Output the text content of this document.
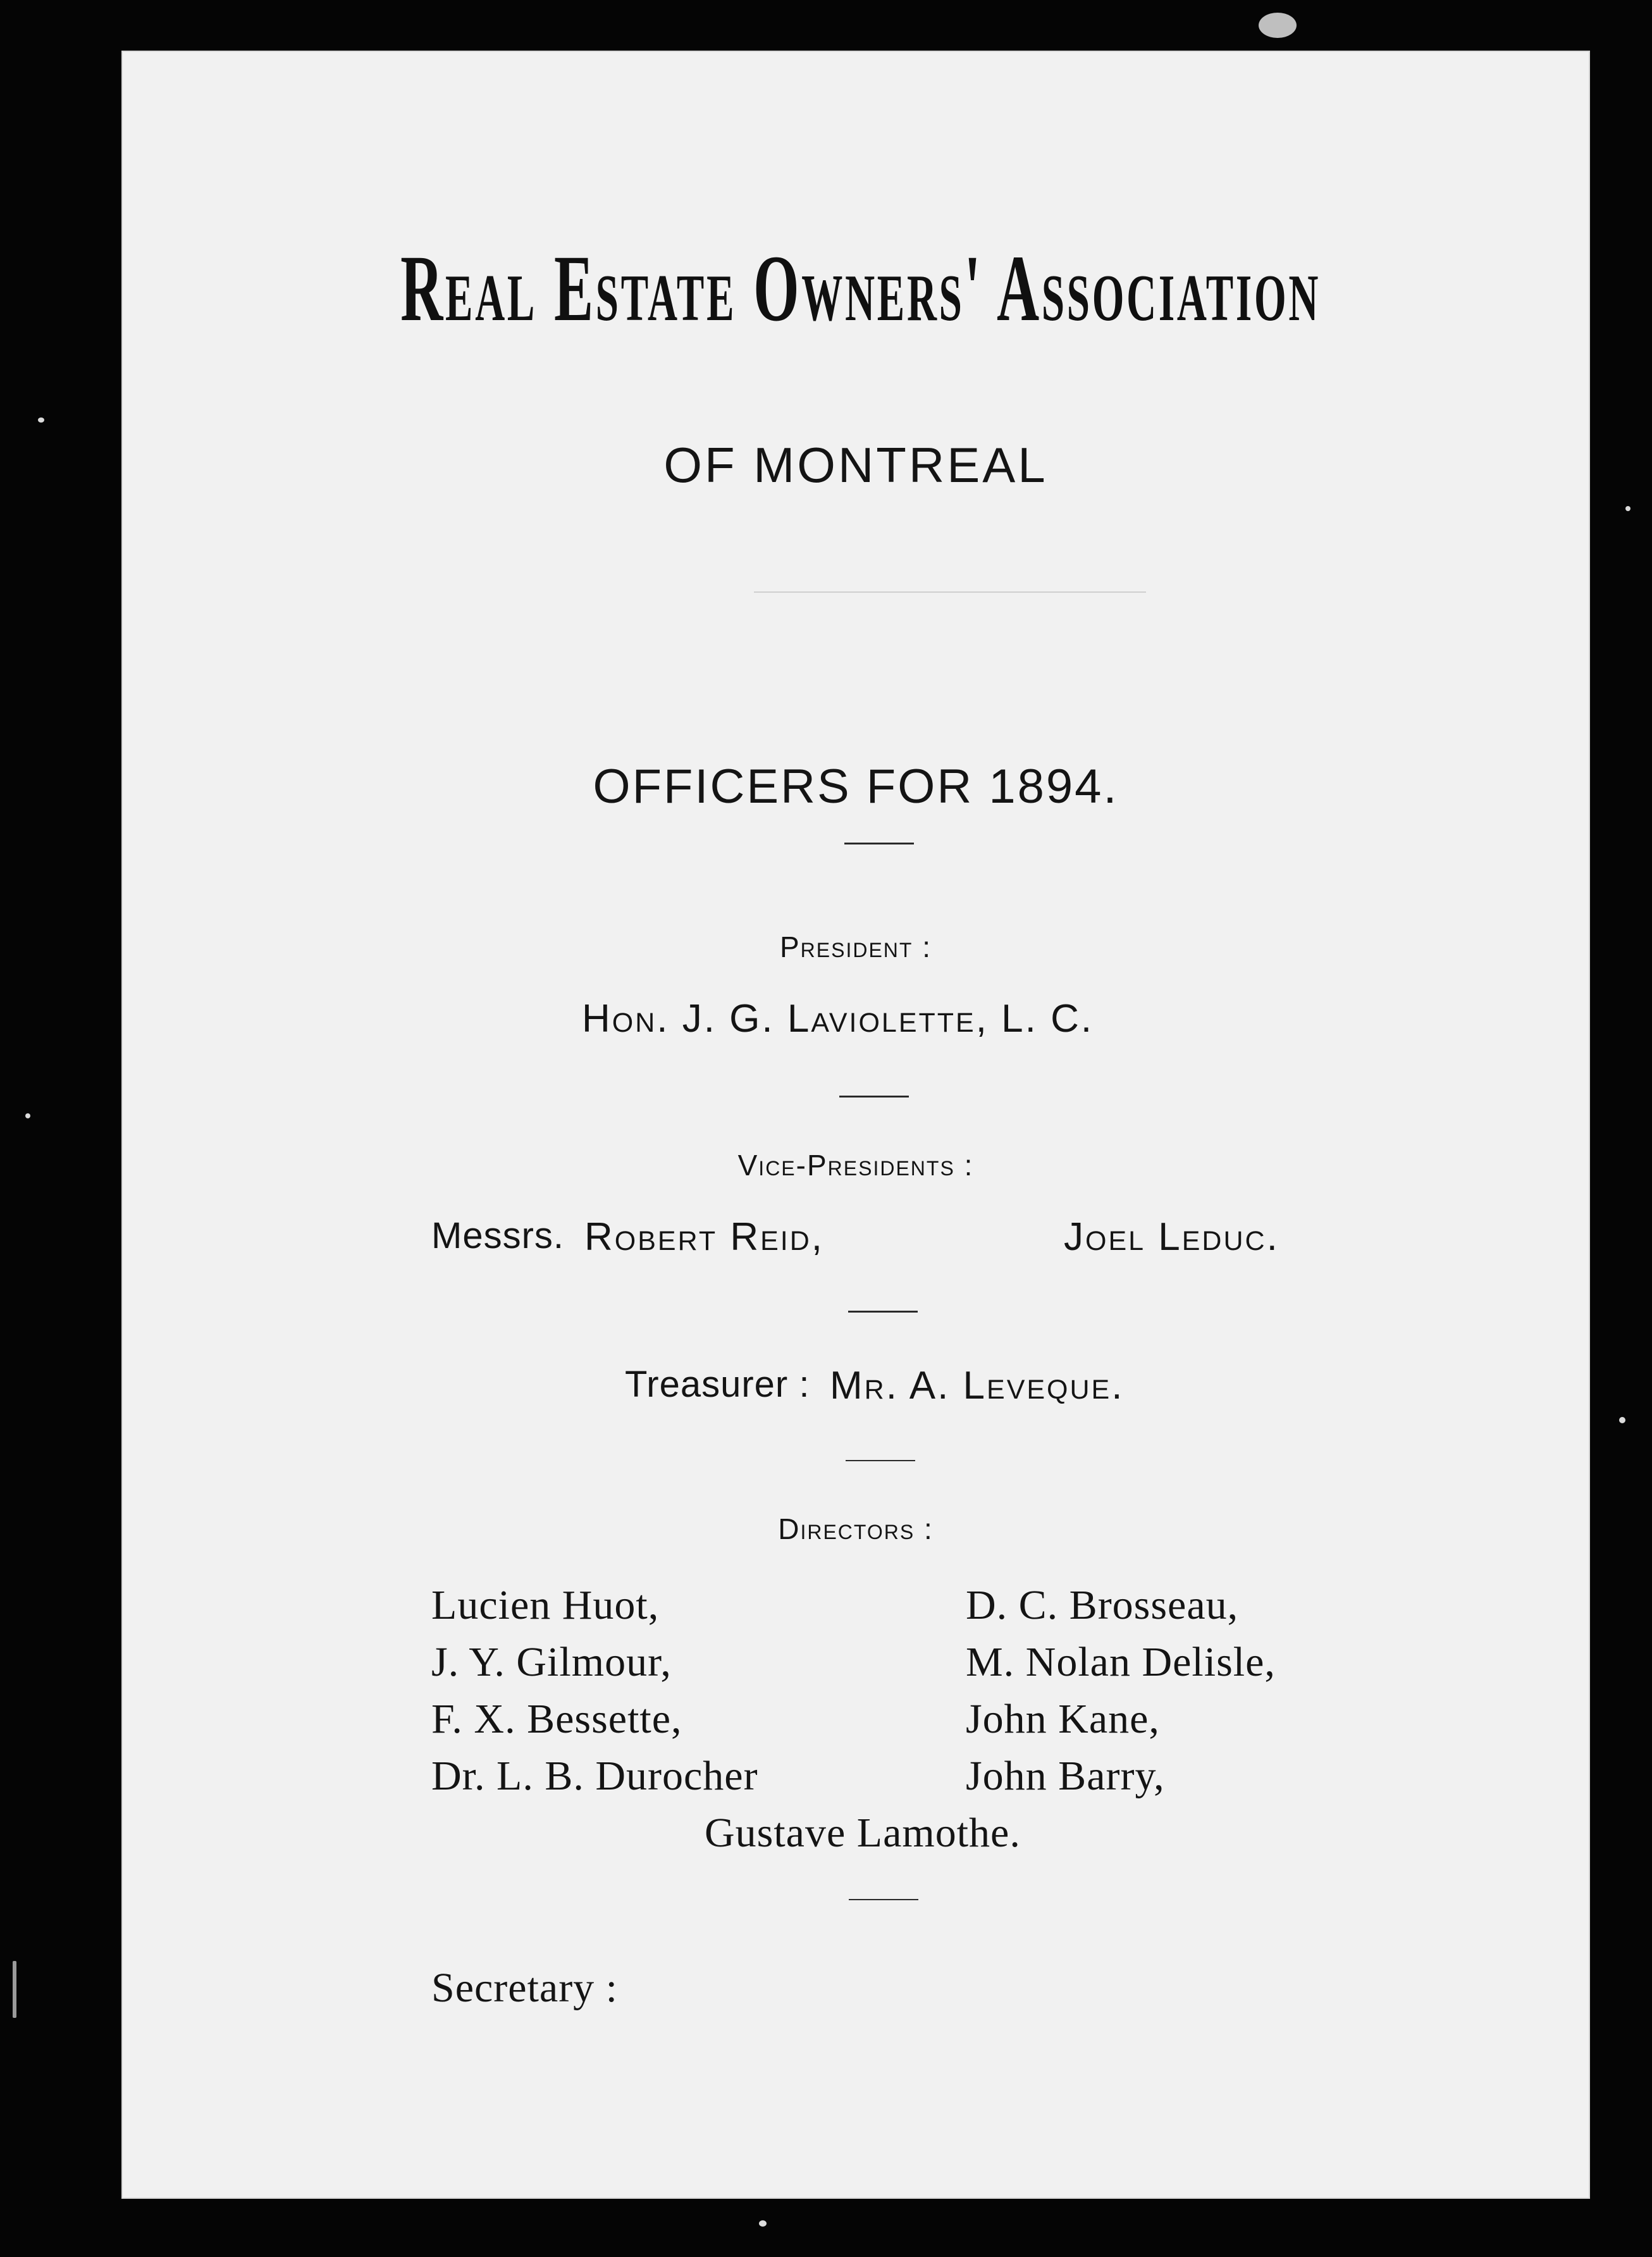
Real Estate Owners' Association
OF MONTREAL
OFFICERS FOR 1894.
President :
Hon. J. G. Laviolette, L. C.
Vice-Presidents :
Messrs. Robert Reid,	Joel Leduc.
Treasurer : Mr. A. Leveque.
Directors :
Lucien Huot,
J. Y. Gilmour,
F. X. Bessette,
Dr. L. B. Durocher
D. C. Brosseau,
M. Nolan Delisle,
John Kane,
John Barry,
Gustave Lamothe.
Secretary :
